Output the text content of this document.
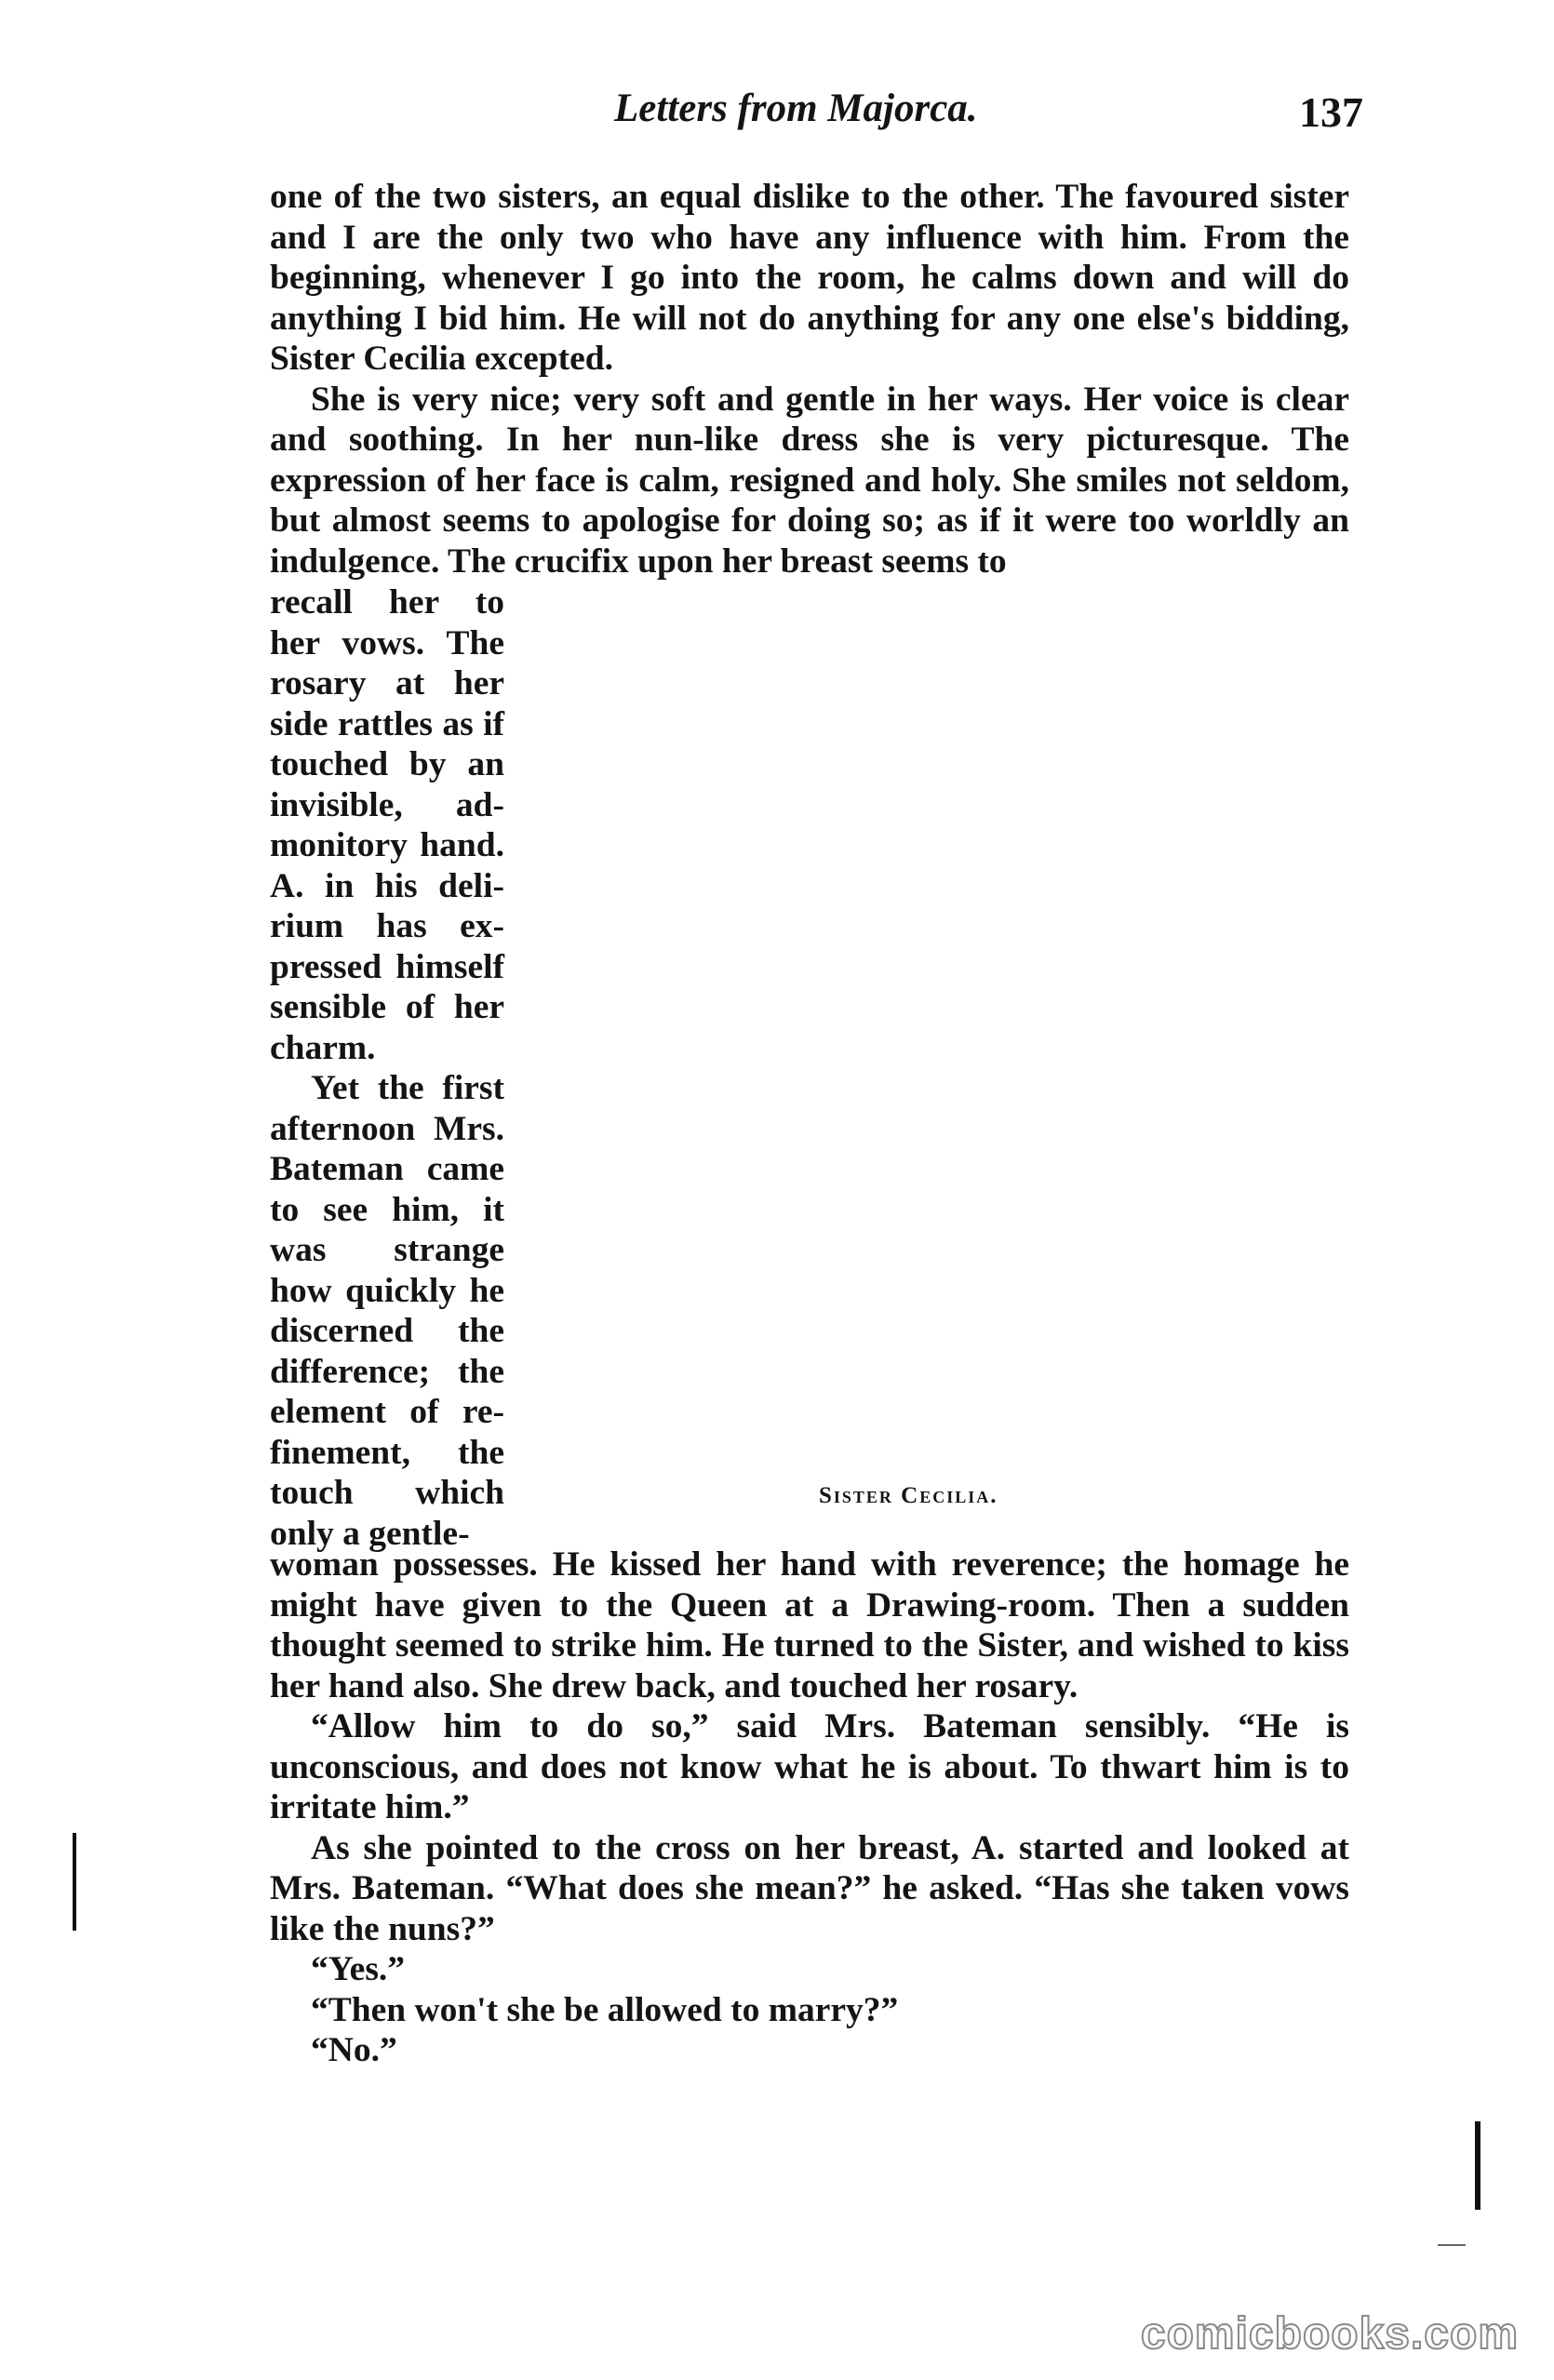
Letters from Majorca.	137

one of the two sisters, an equal dislike to the other. The favoured sister and I are the only two who have any influence with him. From the beginning, whenever I go into the room, he calms down and will do anything I bid him. He will not do anything for any one else's bidding, Sister Cecilia excepted.

She is very nice; very soft and gentle in her ways. Her voice is clear and soothing. In her nun-like dress she is very picturesque. The expression of her face is calm, resigned and holy. She smiles not seldom, but almost seems to apologise for doing so; as if it were too worldly an indulgence. The crucifix upon her breast seems to

recall her to her vows. The rosary at her side rattles as if touched by an invisible, admonitory hand. A. in his delirium has expressed himself sensible of her charm.

Yet the first afternoon Mrs. Bateman came to see him, it was strange how quickly he discerned the difference; the element of refinement, the touch which only a gentle-

Sister Cecilia.

woman possesses. He kissed her hand with reverence; the homage he might have given to the Queen at a Drawing-room. Then a sudden thought seemed to strike him. He turned to the Sister, and wished to kiss her hand also. She drew back, and touched her rosary.

“Allow him to do so,” said Mrs. Bateman sensibly. “He is unconscious, and does not know what he is about. To thwart him is to irritate him.”

As she pointed to the cross on her breast, A. started and looked at Mrs. Bateman. “What does she mean?” he asked. “Has she taken vows like the nuns?”

“Yes.”

“Then won't she be allowed to marry?”

“No.”

comicbooks.com
